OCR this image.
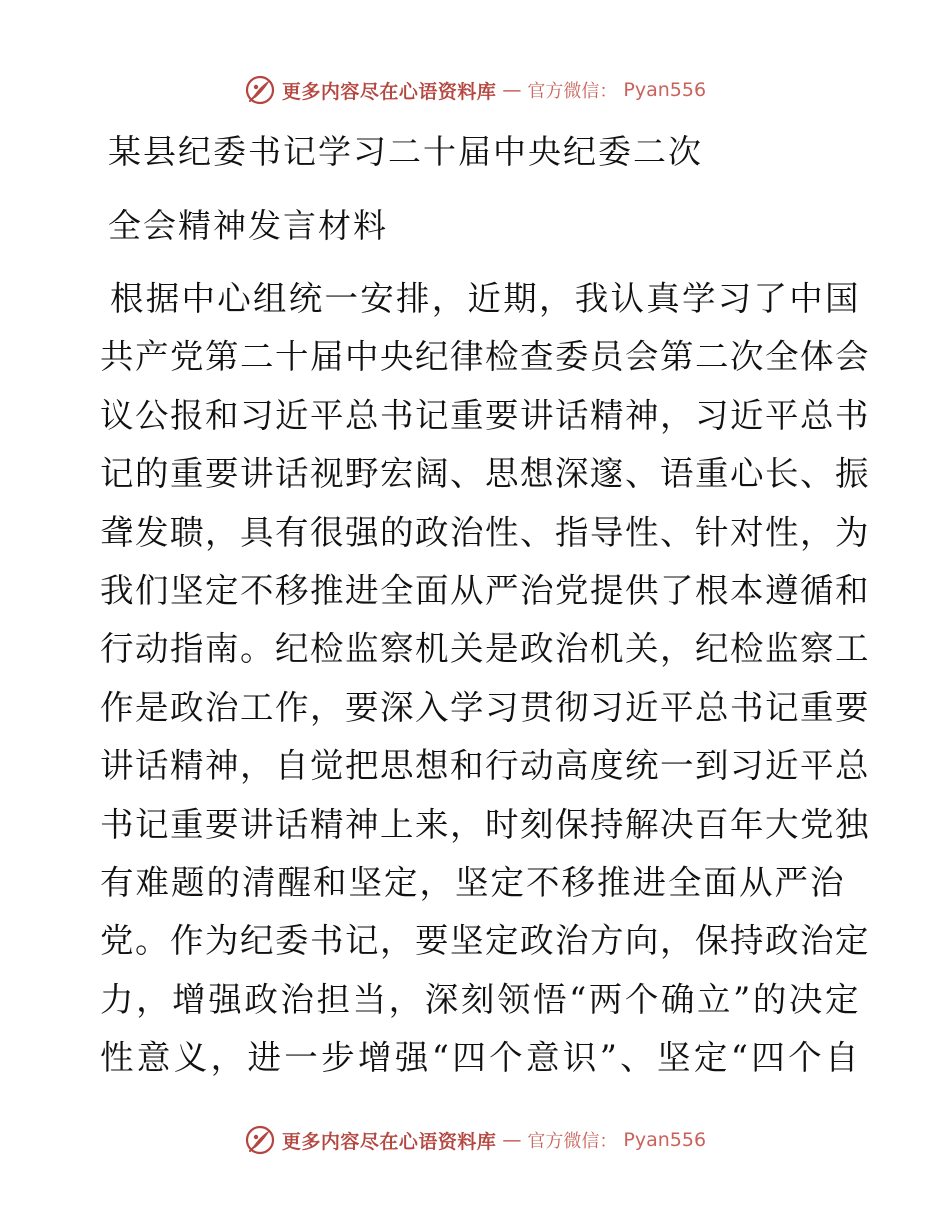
更多内容尽在心语资料库 — 官方微信： Pyan556
某县纪委书记学习二十届中央纪委二次
全会精神发言材料
根据中心组统一安排，近期，我认真学习了中国
共产党第二十届中央纪律检查委员会第二次全体会
议公报和习近平总书记重要讲话精神，习近平总书
记的重要讲话视野宏阔、思想深邃、语重心长、振
聋发聩，具有很强的政治性、指导性、针对性，为
我们坚定不移推进全面从严治党提供了根本遵循和
行动指南。纪检监察机关是政治机关，纪检监察工
作是政治工作，要深入学习贯彻习近平总书记重要
讲话精神，自觉把思想和行动高度统一到习近平总
书记重要讲话精神上来，时刻保持解决百年大党独
有难题的清醒和坚定，坚定不移推进全面从严治
党。作为纪委书记，要坚定政治方向，保持政治定
力，增强政治担当，深刻领悟“两个确立”的决定
性意义，进一步增强“四个意识”、坚定“四个自
更多内容尽在心语资料库 — 官方微信： Pyan556
